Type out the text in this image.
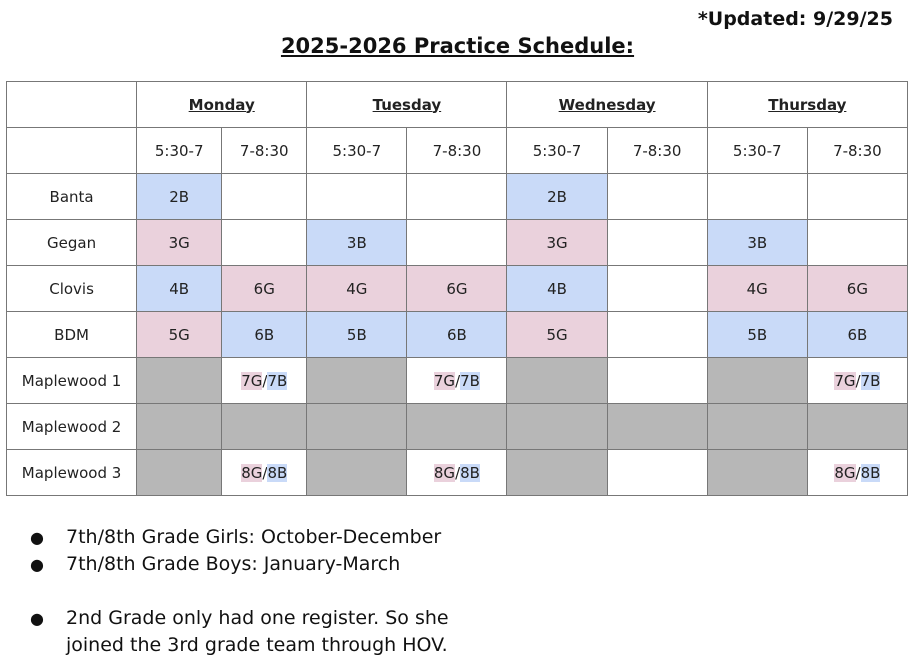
*Updated: 9/29/25
2025-2026 Practice Schedule:
	Monday		Tuesday		Wednesday		Thursday	
	5:30-7	7-8:30	5:30-7	7-8:30	5:30-7	7-8:30	5:30-7	7-8:30
Banta	2B				2B			
Gegan	3G		3B		3G		3B	
Clovis	4B	6G	4G	6G	4B		4G	6G
BDM	5G	6B	5B	6B	5G		5B	6B
Maplewood 1		7G/7B		7G/7B				7G/7B
Maplewood 2								
Maplewood 3		8G/8B		8G/8B				8G/8B
● 7th/8th Grade Girls: October-December
● 7th/8th Grade Boys: January-March
● 2nd Grade only had one register. So she
joined the 3rd grade team through HOV.
